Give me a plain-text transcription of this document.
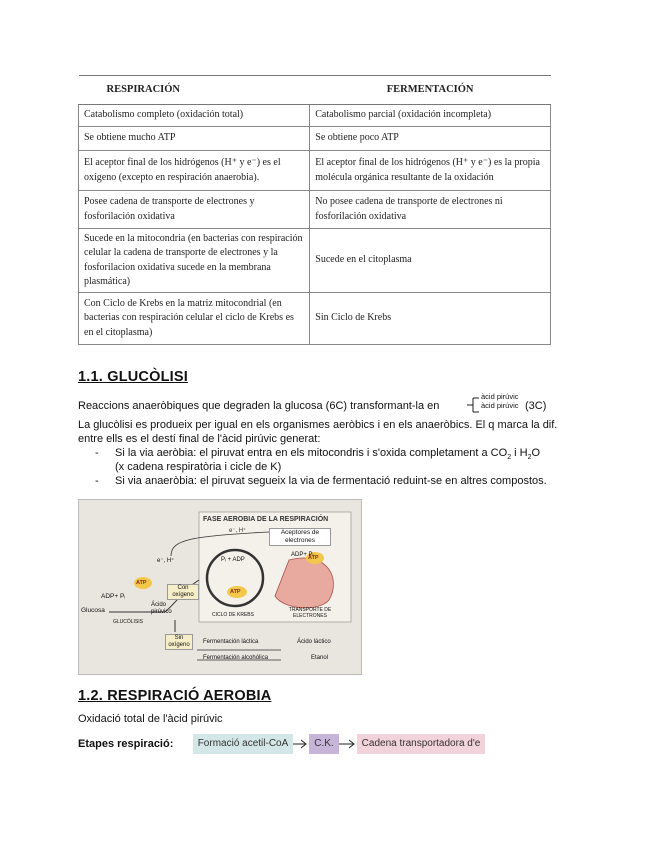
RESPIRACIÓN	FERMENTACIÓN
Catabolismo completo (oxidación total)	Catabolismo parcial (oxidación incompleta)
Se obtiene mucho ATP	Se obtiene poco ATP
El aceptor final de los hidrógenos (H⁺ y e⁻) es el oxígeno (excepto en respiración anaerobia).	El aceptor final de los hidrógenos (H⁺ y e⁻) es la propia molécula orgánica resultante de la oxidación
Posee cadena de transporte de electrones y fosforilación oxidativa	No posee cadena de transporte de electrones ni fosforilación oxidativa
Sucede en la mitocondria (en bacterias con respiración celular la cadena de transporte de electrones y la fosforilacion oxidativa sucede en la membrana plasmática)	Sucede en el citoplasma
Con Ciclo de Krebs en la matriz mitocondrial (en bacterias con respiración celular el ciclo de Krebs es en el citoplasma)	Sin Ciclo de Krebs
1.1. GLUCÒLISI
Reaccions anaeròbiques que degraden la glucosa (6C) transformant-la en
àcid pirúvic
àcid pirúvic (3C)
La glucòlisi es produeix per igual en els organismes aeròbics i en els anaeròbics. El q marca la dif. entre ells es el destí final de l'àcid pirúvic generat:
- Si la via aeròbia: el piruvat entra en els mitocondris i s'oxida completament a $CO_2$ i $H_2O$
(x cadena respiratòria i cicle de K)
- Si via anaeròbia: el piruvat segueix la via de fermentació reduint-se en altres compostos.
FASE AEROBIA DE LA RESPIRACIÓN
e⁻, H⁺	Aceptores de electrones
ADP+ Pᵢ
ATP
Pᵢ + ADP
ATP
e⁻, H⁺
ADP+ Pᵢ
ATP
Con oxígeno
Glucosa
Ácido pirúvico
GLUCÓLISIS
CICLO DE KREBS
TRANSPORTE DE ELECTRONES
Sin oxígeno	Fermentación láctica	Ácido láctico
Fermentación alcohólica	Etanol
1.2. RESPIRACIÓ AEROBIA
Oxidació total de l'àcid pirúvic
Etapes respiració:	Formació acetil-CoA	C.K.	Cadena transportadora d'e
